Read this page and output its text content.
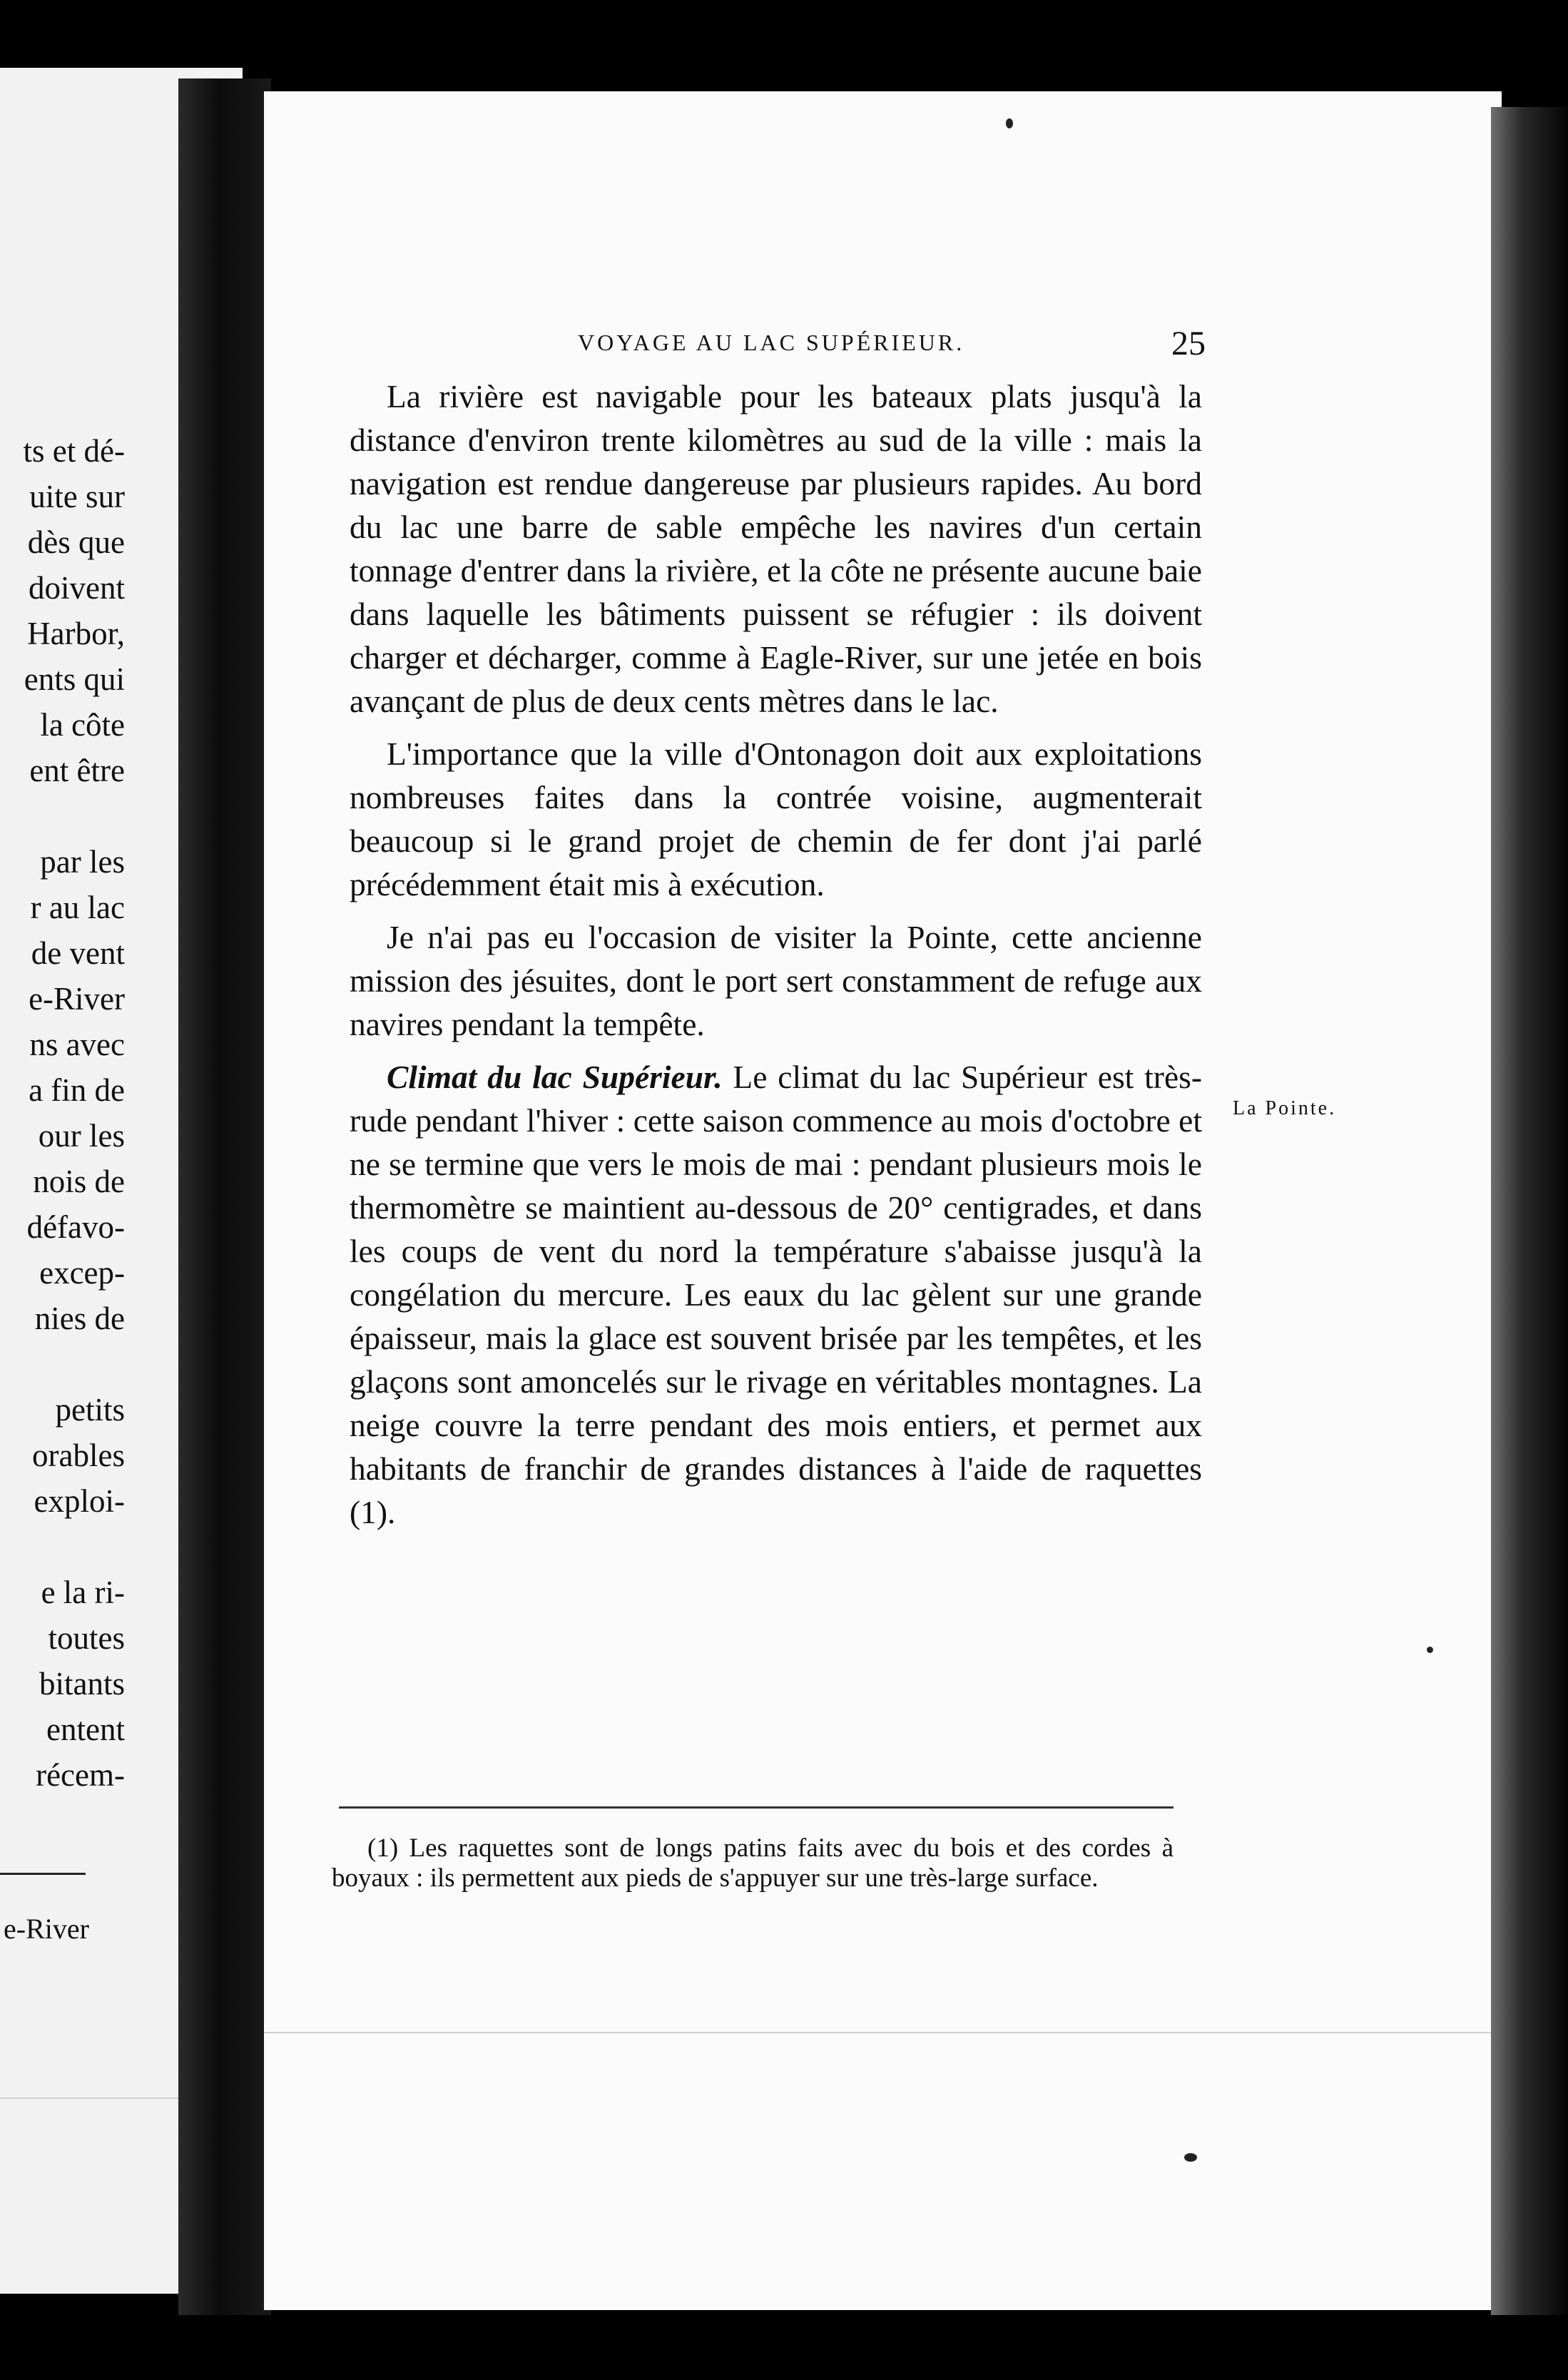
ts et dé-
uite sur
dès que
doivent
Harbor,
ents qui
la côte
ent être
par les
r au lac
de vent
e-River
ns avec
a fin de
our les
nois de
défavo-
excep-
nies de
petits
orables
exploi-
e la ri-
toutes
bitants
entent
récem-
e-River
VOYAGE AU LAC SUPÉRIEUR.	25

La rivière est navigable pour les bateaux plats jusqu'à la distance d'environ trente kilomètres au sud de la ville : mais la navigation est rendue dangereuse par plusieurs rapides. Au bord du lac une barre de sable empêche les navires d'un certain tonnage d'entrer dans la rivière, et la côte ne présente aucune baie dans laquelle les bâtiments puissent se réfugier : ils doivent charger et décharger, comme à Eagle-River, sur une jetée en bois avançant de plus de deux cents mètres dans le lac.

L'importance que la ville d'Ontonagon doit aux exploitations nombreuses faites dans la contrée voisine, augmenterait beaucoup si le grand projet de chemin de fer dont j'ai parlé précédemment était mis à exécution.

Je n'ai pas eu l'occasion de visiter la Pointe, cette ancienne mission des jésuites, dont le port sert constamment de refuge aux navires pendant la tempête.

Climat du lac Supérieur. Le climat du lac Supérieur est très-rude pendant l'hiver : cette saison commence au mois d'octobre et ne se termine que vers le mois de mai : pendant plusieurs mois le thermomètre se maintient au-dessous de 20° centigrades, et dans les coups de vent du nord la température s'abaisse jusqu'à la congélation du mercure. Les eaux du lac gèlent sur une grande épaisseur, mais la glace est souvent brisée par les tempêtes, et les glaçons sont amoncelés sur le rivage en véritables montagnes. La neige couvre la terre pendant des mois entiers, et permet aux habitants de franchir de grandes distances à l'aide de raquettes (1).

La Pointe.
(1) Les raquettes sont de longs patins faits avec du bois et des cordes à boyaux : ils permettent aux pieds de s'appuyer sur une très-large surface.
